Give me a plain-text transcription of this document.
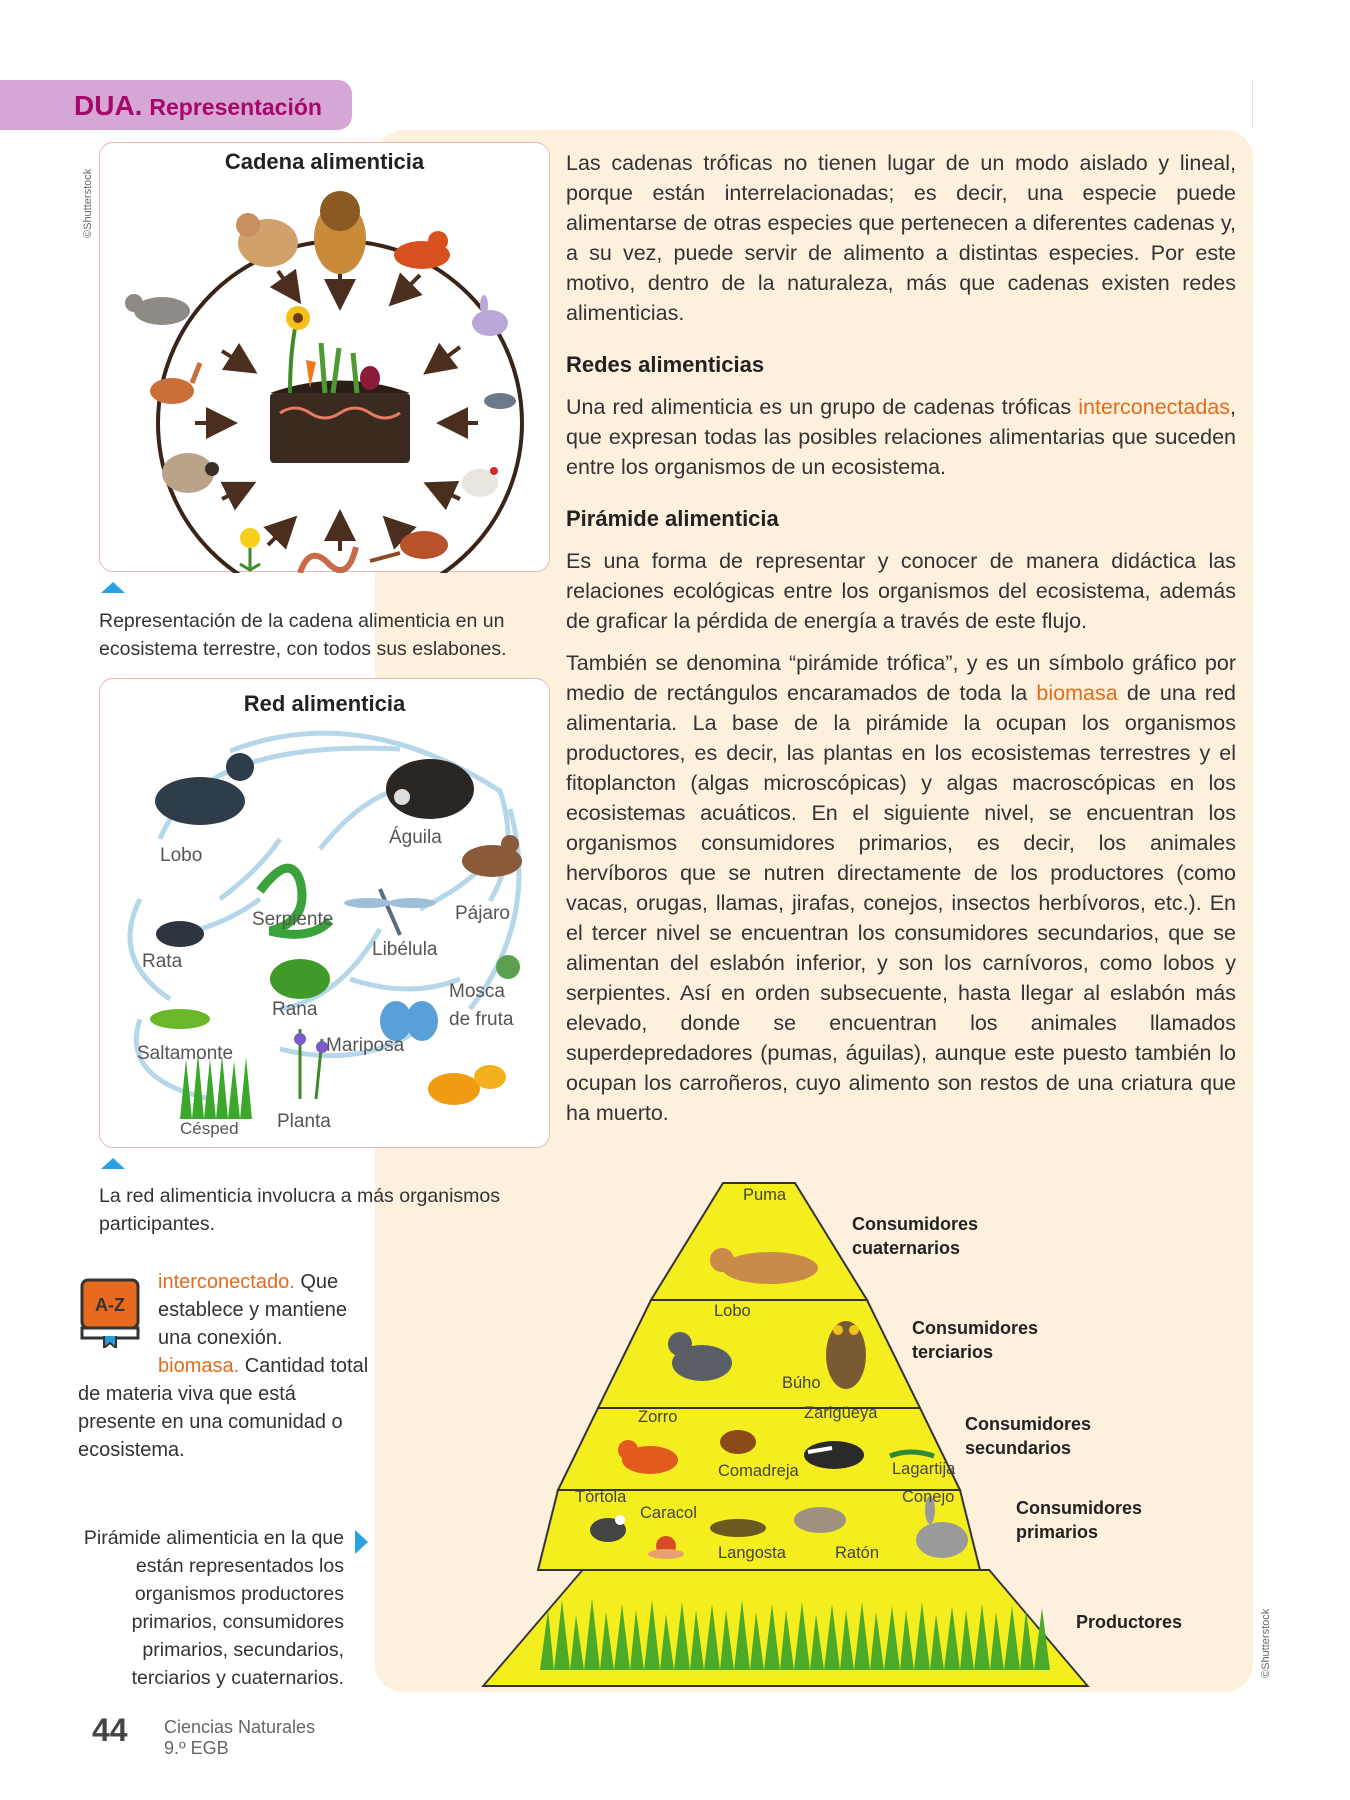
DUA. Representación
©Shutterstock
©Shutterstock
Cadena alimenticia
Representación de la cadena alimenticia en un ecosistema terrestre, con todos sus eslabones.
Red alimenticia
Lobo
Águila
Serpiente	Pájaro
Rata
Libélula
Mosca
de fruta
Rana
Saltamonte	Mariposa
Césped Planta
La red alimenticia involucra a más organismos participantes.

Las cadenas tróficas no tienen lugar de un modo aislado y lineal, porque están interrelacionadas; es decir, una especie puede alimentarse de otras especies que pertenecen a diferentes cadenas y, a su vez, puede servir de alimento a distintas especies. Por este motivo, dentro de la naturaleza, más que cadenas existen redes alimenticias.

Redes alimenticias

Una red alimenticia es un grupo de cadenas tróficas interconectadas, que expresan todas las posibles relaciones alimentarias que suceden entre los organismos de un ecosistema.

Pirámide alimenticia

Es una forma de representar y conocer de manera didáctica las relaciones ecológicas entre los organismos del ecosistema, además de graficar la pérdida de energía a través de este flujo.

También se denomina “pirámide trófica”, y es un símbolo gráfico por medio de rectángulos encaramados de toda la biomasa de una red alimentaria. La base de la pirámide la ocupan los organismos productores, es decir, las plantas en los ecosistemas terrestres y el fitoplancton (algas microscópicas) y algas macroscópicas en los ecosistemas acuáticos. En el siguiente nivel, se encuentran los organismos consumidores primarios, es decir, los animales hervíboros que se nutren directamente de los productores (como vacas, orugas, llamas, jirafas, conejos, insectos herbívoros, etc.). En el tercer nivel se encuentran los consumidores secundarios, que se alimentan del eslabón inferior, y son los carnívoros, como lobos y serpientes. Así en orden subsecuente, hasta llegar al eslabón más elevado, donde se encuentran los animales llamados superdepredadores (pumas, águilas), aunque este puesto también lo ocupan los carroñeros, cuyo alimento son restos de una criatura que ha muerto.

A-Z
interconectado. Que establece y mantiene una conexión.
biomasa. Cantidad total de materia viva que está presente en una comunidad o ecosistema.
Pirámide alimenticia en la que están representados los organismos productores primarios, consumidores primarios, secundarios, terciarios y cuaternarios.
Puma
Lobo
Búho
Zorro	Zarigüeya
Comadreja	Lagartija
Tórtola
Caracol
Conejo
Langosta	Ratón
Consumidores
cuaternarios
Consumidores
terciarios
Consumidores
secundarios
Consumidores
primarios
Productores
44 Ciencias Naturales
9.º EGB
